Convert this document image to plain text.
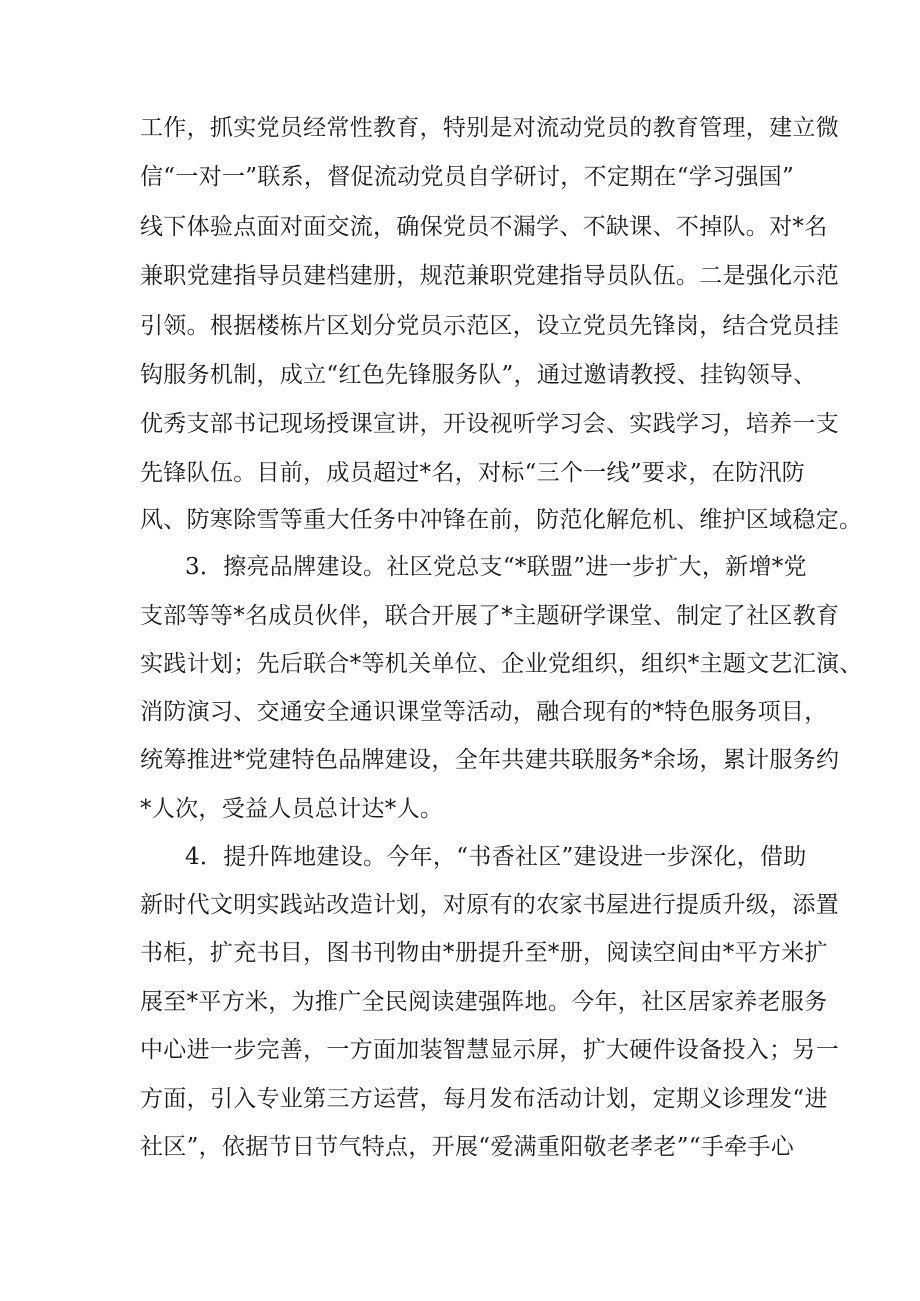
工作，抓实党员经常性教育，特别是对流动党员的教育管理，建立微
信“一对一”联系，督促流动党员自学研讨，不定期在“学习强国”
线下体验点面对面交流，确保党员不漏学、不缺课、不掉队。对*名
兼职党建指导员建档建册，规范兼职党建指导员队伍。二是强化示范
引领。根据楼栋片区划分党员示范区，设立党员先锋岗，结合党员挂
钩服务机制，成立“红色先锋服务队”，通过邀请教授、挂钩领导、
优秀支部书记现场授课宣讲，开设视听学习会、实践学习，培养一支
先锋队伍。目前，成员超过*名，对标“三个一线”要求，在防汛防
风、防寒除雪等重大任务中冲锋在前，防范化解危机、维护区域稳定。
3．擦亮品牌建设。社区党总支“*联盟”进一步扩大，新增*党
支部等等*名成员伙伴，联合开展了*主题研学课堂、制定了社区教育
实践计划；先后联合*等机关单位、企业党组织，组织*主题文艺汇演、
消防演习、交通安全通识课堂等活动，融合现有的*特色服务项目，
统筹推进*党建特色品牌建设，全年共建共联服务*余场，累计服务约
*人次，受益人员总计达*人。
4．提升阵地建设。今年，“书香社区”建设进一步深化，借助
新时代文明实践站改造计划，对原有的农家书屋进行提质升级，添置
书柜，扩充书目，图书刊物由*册提升至*册，阅读空间由*平方米扩
展至*平方米，为推广全民阅读建强阵地。今年，社区居家养老服务
中心进一步完善，一方面加装智慧显示屏，扩大硬件设备投入；另一
方面，引入专业第三方运营，每月发布活动计划，定期义诊理发“进
社区”，依据节日节气特点，开展“爱满重阳敬老孝老”“手牵手心
